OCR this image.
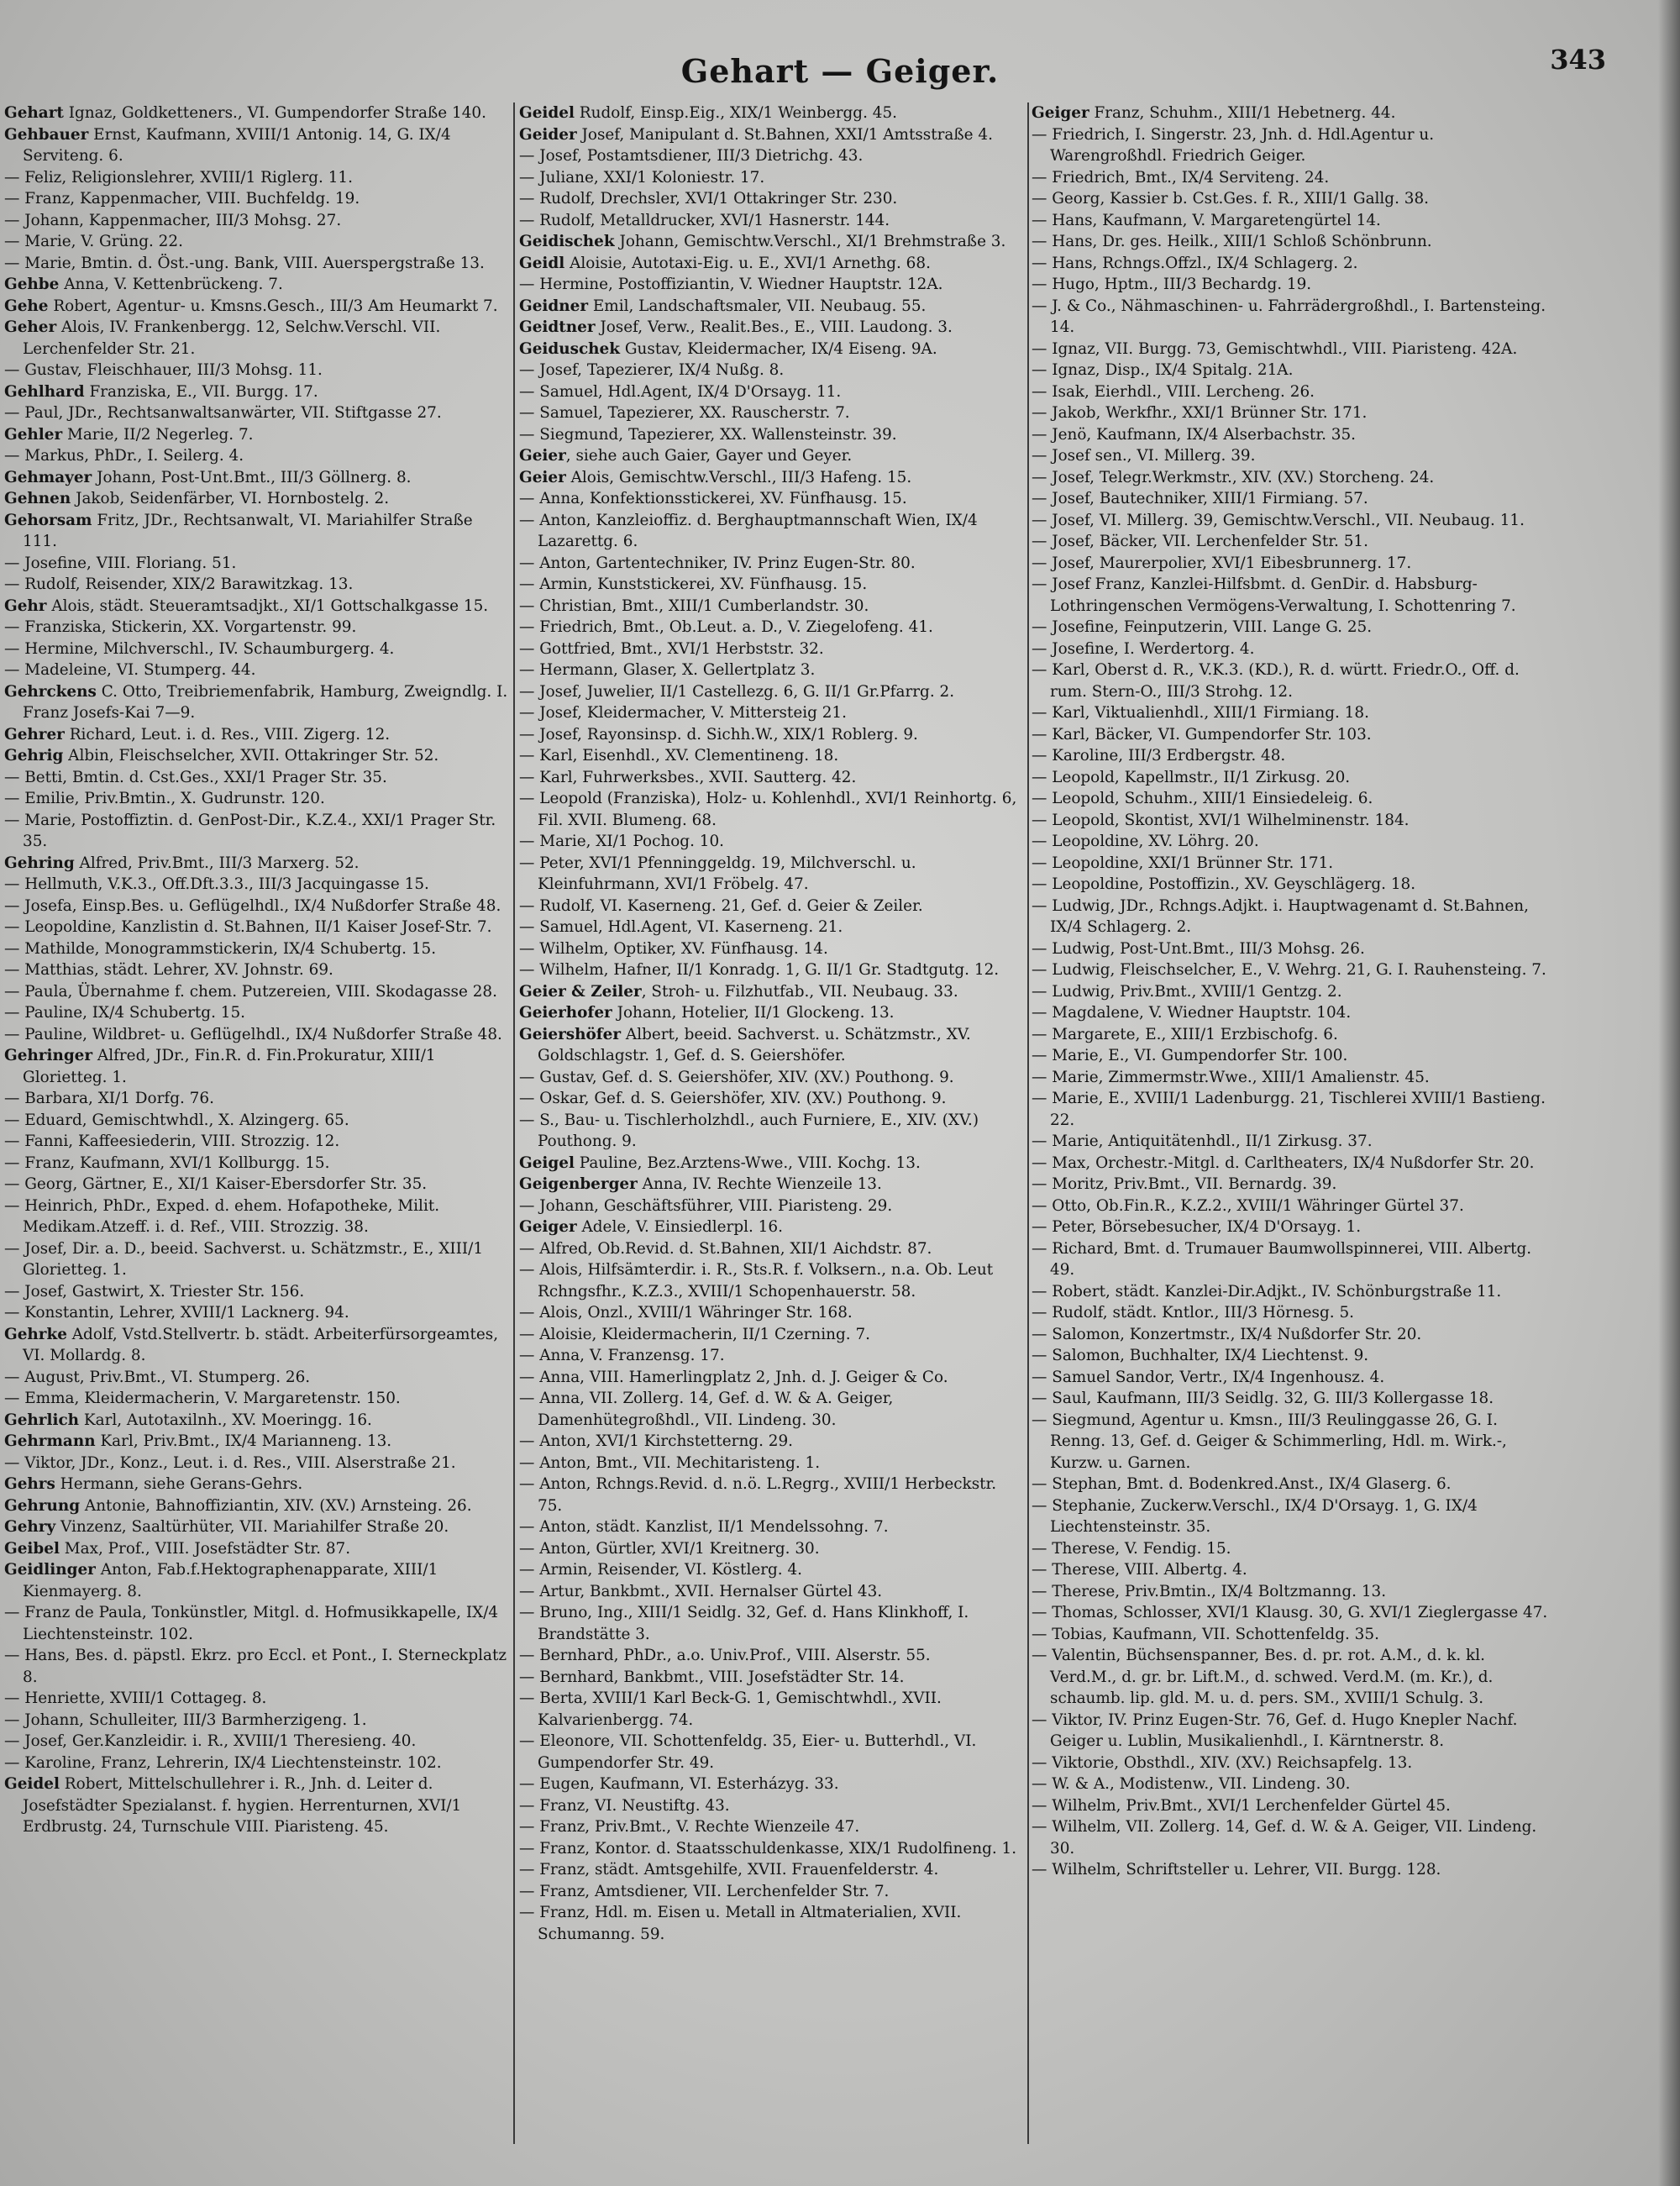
Gehart — Geiger.	343

Gehart Ignaz, Goldketteners., VI. Gumpendorfer Straße 140.

Gehbauer Ernst, Kaufmann, XVIII/1 Antonig. 14, G. IX/4 Serviteng. 6.

— Feliz, Religionslehrer, XVIII/1 Riglerg. 11.

— Franz, Kappenmacher, VIII. Buchfeldg. 19.

— Johann, Kappenmacher, III/3 Mohsg. 27.

— Marie, V. Grüng. 22.

— Marie, Bmtin. d. Öst.-ung. Bank, VIII. Auerspergstraße 13.

Gehbe Anna, V. Kettenbrückeng. 7.

Gehe Robert, Agentur- u. Kmsns.Gesch., III/3 Am Heumarkt 7.

Geher Alois, IV. Frankenbergg. 12, Selchw.Verschl. VII. Lerchenfelder Str. 21.

— Gustav, Fleischhauer, III/3 Mohsg. 11.

Gehlhard Franziska, E., VII. Burgg. 17.

— Paul, JDr., Rechtsanwaltsanwärter, VII. Stiftgasse 27.

Gehler Marie, II/2 Negerleg. 7.

— Markus, PhDr., I. Seilerg. 4.

Gehmayer Johann, Post-Unt.Bmt., III/3 Göllnerg. 8.

Gehnen Jakob, Seidenfärber, VI. Hornbostelg. 2.

Gehorsam Fritz, JDr., Rechtsanwalt, VI. Mariahilfer Straße 111.

— Josefine, VIII. Floriang. 51.

— Rudolf, Reisender, XIX/2 Barawitzkag. 13.

Gehr Alois, städt. Steueramtsadjkt., XI/1 Gottschalkgasse 15.

— Franziska, Stickerin, XX. Vorgartenstr. 99.

— Hermine, Milchverschl., IV. Schaumburgerg. 4.

— Madeleine, VI. Stumperg. 44.

Gehrckens C. Otto, Treibriemenfabrik, Hamburg, Zweigndlg. I. Franz Josefs-Kai 7—9.

Gehrer Richard, Leut. i. d. Res., VIII. Zigerg. 12.

Gehrig Albin, Fleischselcher, XVII. Ottakringer Str. 52.

— Betti, Bmtin. d. Cst.Ges., XXI/1 Prager Str. 35.

— Emilie, Priv.Bmtin., X. Gudrunstr. 120.

— Marie, Postoffiztin. d. GenPost-Dir., K.Z.4., XXI/1 Prager Str. 35.

Gehring Alfred, Priv.Bmt., III/3 Marxerg. 52.

— Hellmuth, V.K.3., Off.Dft.3.3., III/3 Jacquingasse 15.

— Josefa, Einsp.Bes. u. Geflügelhdl., IX/4 Nußdorfer Straße 48.

— Leopoldine, Kanzlistin d. St.Bahnen, II/1 Kaiser Josef-Str. 7.

— Mathilde, Monogrammstickerin, IX/4 Schubertg. 15.

— Matthias, städt. Lehrer, XV. Johnstr. 69.

— Paula, Übernahme f. chem. Putzereien, VIII. Skodagasse 28.

— Pauline, IX/4 Schubertg. 15.

— Pauline, Wildbret- u. Geflügelhdl., IX/4 Nußdorfer Straße 48.

Gehringer Alfred, JDr., Fin.R. d. Fin.Prokuratur, XIII/1 Glorietteg. 1.

— Barbara, XI/1 Dorfg. 76.

— Eduard, Gemischtwhdl., X. Alzingerg. 65.

— Fanni, Kaffeesiederin, VIII. Strozzig. 12.

— Franz, Kaufmann, XVI/1 Kollburgg. 15.

— Georg, Gärtner, E., XI/1 Kaiser-Ebersdorfer Str. 35.

— Heinrich, PhDr., Exped. d. ehem. Hofapotheke, Milit. Medikam.Atzeff. i. d. Ref., VIII. Strozzig. 38.

— Josef, Dir. a. D., beeid. Sachverst. u. Schätzmstr., E., XIII/1 Glorietteg. 1.

— Josef, Gastwirt, X. Triester Str. 156.

— Konstantin, Lehrer, XVIII/1 Lacknerg. 94.

Gehrke Adolf, Vstd.Stellvertr. b. städt. Arbeiterfürsorgeamtes, VI. Mollardg. 8.

— August, Priv.Bmt., VI. Stumperg. 26.

— Emma, Kleidermacherin, V. Margaretenstr. 150.

Gehrlich Karl, Autotaxilnh., XV. Moeringg. 16.

Gehrmann Karl, Priv.Bmt., IX/4 Marianneng. 13.

— Viktor, JDr., Konz., Leut. i. d. Res., VIII. Alserstraße 21.

Gehrs Hermann, siehe Gerans-Gehrs.

Gehrung Antonie, Bahnoffiziantin, XIV. (XV.) Arnsteing. 26.

Gehry Vinzenz, Saaltürhüter, VII. Mariahilfer Straße 20.

Geibel Max, Prof., VIII. Josefstädter Str. 87.

Geidlinger Anton, Fab.f.Hektographenapparate, XIII/1 Kienmayerg. 8.

— Franz de Paula, Tonkünstler, Mitgl. d. Hofmusikkapelle, IX/4 Liechtensteinstr. 102.

— Hans, Bes. d. päpstl. Ekrz. pro Eccl. et Pont., I. Sterneckplatz 8.

— Henriette, XVIII/1 Cottageg. 8.

— Johann, Schulleiter, III/3 Barmherzigeng. 1.

— Josef, Ger.Kanzleidir. i. R., XVIII/1 Theresieng. 40.

— Karoline, Franz, Lehrerin, IX/4 Liechtensteinstr. 102.

Geidel Robert, Mittelschullehrer i. R., Jnh. d. Leiter d. Josefstädter Spezialanst. f. hygien. Herrenturnen, XVI/1 Erdbrustg. 24, Turnschule VIII. Piaristeng. 45.

Geidel Rudolf, Einsp.Eig., XIX/1 Weinbergg. 45.

Geider Josef, Manipulant d. St.Bahnen, XXI/1 Amtsstraße 4.

— Josef, Postamtsdiener, III/3 Dietrichg. 43.

— Juliane, XXI/1 Koloniestr. 17.

— Rudolf, Drechsler, XVI/1 Ottakringer Str. 230.

— Rudolf, Metalldrucker, XVI/1 Hasnerstr. 144.

Geidischek Johann, Gemischtw.Verschl., XI/1 Brehmstraße 3.

Geidl Aloisie, Autotaxi-Eig. u. E., XVI/1 Arnethg. 68.

— Hermine, Postoffiziantin, V. Wiedner Hauptstr. 12A.

Geidner Emil, Landschaftsmaler, VII. Neubaug. 55.

Geidtner Josef, Verw., Realit.Bes., E., VIII. Laudong. 3.

Geiduschek Gustav, Kleidermacher, IX/4 Eiseng. 9A.

— Josef, Tapezierer, IX/4 Nußg. 8.

— Samuel, Hdl.Agent, IX/4 D'Orsayg. 11.

— Samuel, Tapezierer, XX. Rauscherstr. 7.

— Siegmund, Tapezierer, XX. Wallensteinstr. 39.

Geier, siehe auch Gaier, Gayer und Geyer.

Geier Alois, Gemischtw.Verschl., III/3 Hafeng. 15.

— Anna, Konfektionsstickerei, XV. Fünfhausg. 15.

— Anton, Kanzleioffiz. d. Berghauptmannschaft Wien, IX/4 Lazarettg. 6.

— Anton, Gartentechniker, IV. Prinz Eugen-Str. 80.

— Armin, Kunststickerei, XV. Fünfhausg. 15.

— Christian, Bmt., XIII/1 Cumberlandstr. 30.

— Friedrich, Bmt., Ob.Leut. a. D., V. Ziegelofeng. 41.

— Gottfried, Bmt., XVI/1 Herbststr. 32.

— Hermann, Glaser, X. Gellertplatz 3.

— Josef, Juwelier, II/1 Castellezg. 6, G. II/1 Gr.Pfarrg. 2.

— Josef, Kleidermacher, V. Mittersteig 21.

— Josef, Rayonsinsp. d. Sichh.W., XIX/1 Roblerg. 9.

— Karl, Eisenhdl., XV. Clementineng. 18.

— Karl, Fuhrwerksbes., XVII. Sautterg. 42.

— Leopold (Franziska), Holz- u. Kohlenhdl., XVI/1 Reinhortg. 6, Fil. XVII. Blumeng. 68.

— Marie, XI/1 Pochog. 10.

— Peter, XVI/1 Pfenninggeldg. 19, Milchverschl. u. Kleinfuhrmann, XVI/1 Fröbelg. 47.

— Rudolf, VI. Kaserneng. 21, Gef. d. Geier & Zeiler.

— Samuel, Hdl.Agent, VI. Kaserneng. 21.

— Wilhelm, Optiker, XV. Fünfhausg. 14.

— Wilhelm, Hafner, II/1 Konradg. 1, G. II/1 Gr. Stadtgutg. 12.

Geier & Zeiler, Stroh- u. Filzhutfab., VII. Neubaug. 33.

Geierhofer Johann, Hotelier, II/1 Glockeng. 13.

Geiershöfer Albert, beeid. Sachverst. u. Schätzmstr., XV. Goldschlagstr. 1, Gef. d. S. Geiershöfer.

— Gustav, Gef. d. S. Geiershöfer, XIV. (XV.) Pouthong. 9.

— Oskar, Gef. d. S. Geiershöfer, XIV. (XV.) Pouthong. 9.

— S., Bau- u. Tischlerholzhdl., auch Furniere, E., XIV. (XV.) Pouthong. 9.

Geigel Pauline, Bez.Arztens-Wwe., VIII. Kochg. 13.

Geigenberger Anna, IV. Rechte Wienzeile 13.

— Johann, Geschäftsführer, VIII. Piaristeng. 29.

Geiger Adele, V. Einsiedlerpl. 16.

— Alfred, Ob.Revid. d. St.Bahnen, XII/1 Aichdstr. 87.

— Alois, Hilfsämterdir. i. R., Sts.R. f. Volksern., n.a. Ob. Leut Rchngsfhr., K.Z.3., XVIII/1 Schopenhauerstr. 58.

— Alois, Onzl., XVIII/1 Währinger Str. 168.

— Aloisie, Kleidermacherin, II/1 Czerning. 7.

— Anna, V. Franzensg. 17.

— Anna, VIII. Hamerlingplatz 2, Jnh. d. J. Geiger & Co.

— Anna, VII. Zollerg. 14, Gef. d. W. & A. Geiger, Damenhütegroßhdl., VII. Lindeng. 30.

— Anton, XVI/1 Kirchstetterng. 29.

— Anton, Bmt., VII. Mechitaristeng. 1.

— Anton, Rchngs.Revid. d. n.ö. L.Regrg., XVIII/1 Herbeckstr. 75.

— Anton, städt. Kanzlist, II/1 Mendelssohng. 7.

— Anton, Gürtler, XVI/1 Kreitnerg. 30.

— Armin, Reisender, VI. Köstlerg. 4.

— Artur, Bankbmt., XVII. Hernalser Gürtel 43.

— Bruno, Ing., XIII/1 Seidlg. 32, Gef. d. Hans Klinkhoff, I. Brandstätte 3.

— Bernhard, PhDr., a.o. Univ.Prof., VIII. Alserstr. 55.

— Bernhard, Bankbmt., VIII. Josefstädter Str. 14.

— Berta, XVIII/1 Karl Beck-G. 1, Gemischtwhdl., XVII. Kalvarienbergg. 74.

— Eleonore, VII. Schottenfeldg. 35, Eier- u. Butterhdl., VI. Gumpendorfer Str. 49.

— Eugen, Kaufmann, VI. Esterházyg. 33.

— Franz, VI. Neustiftg. 43.

— Franz, Priv.Bmt., V. Rechte Wienzeile 47.

— Franz, Kontor. d. Staatsschuldenkasse, XIX/1 Rudolfineng. 1.

— Franz, städt. Amtsgehilfe, XVII. Frauenfelderstr. 4.

— Franz, Amtsdiener, VII. Lerchenfelder Str. 7.

— Franz, Hdl. m. Eisen u. Metall in Altmaterialien, XVII. Schumanng. 59.

Geiger Franz, Schuhm., XIII/1 Hebetnerg. 44.

— Friedrich, I. Singerstr. 23, Jnh. d. Hdl.Agentur u. Warengroßhdl. Friedrich Geiger.

— Friedrich, Bmt., IX/4 Serviteng. 24.

— Georg, Kassier b. Cst.Ges. f. R., XIII/1 Gallg. 38.

— Hans, Kaufmann, V. Margaretengürtel 14.

— Hans, Dr. ges. Heilk., XIII/1 Schloß Schönbrunn.

— Hans, Rchngs.Offzl., IX/4 Schlagerg. 2.

— Hugo, Hptm., III/3 Bechardg. 19.

— J. & Co., Nähmaschinen- u. Fahrrädergroßhdl., I. Bartensteing. 14.

— Ignaz, VII. Burgg. 73, Gemischtwhdl., VIII. Piaristeng. 42A.

— Ignaz, Disp., IX/4 Spitalg. 21A.

— Isak, Eierhdl., VIII. Lercheng. 26.

— Jakob, Werkfhr., XXI/1 Brünner Str. 171.

— Jenö, Kaufmann, IX/4 Alserbachstr. 35.

— Josef sen., VI. Millerg. 39.

— Josef, Telegr.Werkmstr., XIV. (XV.) Storcheng. 24.

— Josef, Bautechniker, XIII/1 Firmiang. 57.

— Josef, VI. Millerg. 39, Gemischtw.Verschl., VII. Neubaug. 11.

— Josef, Bäcker, VII. Lerchenfelder Str. 51.

— Josef, Maurerpolier, XVI/1 Eibesbrunnerg. 17.

— Josef Franz, Kanzlei-Hilfsbmt. d. GenDir. d. Habsburg-Lothringenschen Vermögens-Verwaltung, I. Schottenring 7.

— Josefine, Feinputzerin, VIII. Lange G. 25.

— Josefine, I. Werdertorg. 4.

— Karl, Oberst d. R., V.K.3. (KD.), R. d. württ. Friedr.O., Off. d. rum. Stern-O., III/3 Strohg. 12.

— Karl, Viktualienhdl., XIII/1 Firmiang. 18.

— Karl, Bäcker, VI. Gumpendorfer Str. 103.

— Karoline, III/3 Erdbergstr. 48.

— Leopold, Kapellmstr., II/1 Zirkusg. 20.

— Leopold, Schuhm., XIII/1 Einsiedeleig. 6.

— Leopold, Skontist, XVI/1 Wilhelminenstr. 184.

— Leopoldine, XV. Löhrg. 20.

— Leopoldine, XXI/1 Brünner Str. 171.

— Leopoldine, Postoffizin., XV. Geyschlägerg. 18.

— Ludwig, JDr., Rchngs.Adjkt. i. Hauptwagenamt d. St.Bahnen, IX/4 Schlagerg. 2.

— Ludwig, Post-Unt.Bmt., III/3 Mohsg. 26.

— Ludwig, Fleischselcher, E., V. Wehrg. 21, G. I. Rauhensteing. 7.

— Ludwig, Priv.Bmt., XVIII/1 Gentzg. 2.

— Magdalene, V. Wiedner Hauptstr. 104.

— Margarete, E., XIII/1 Erzbischofg. 6.

— Marie, E., VI. Gumpendorfer Str. 100.

— Marie, Zimmermstr.Wwe., XIII/1 Amalienstr. 45.

— Marie, E., XVIII/1 Ladenburgg. 21, Tischlerei XVIII/1 Bastieng. 22.

— Marie, Antiquitätenhdl., II/1 Zirkusg. 37.

— Max, Orchestr.-Mitgl. d. Carltheaters, IX/4 Nußdorfer Str. 20.

— Moritz, Priv.Bmt., VII. Bernardg. 39.

— Otto, Ob.Fin.R., K.Z.2., XVIII/1 Währinger Gürtel 37.

— Peter, Börsebesucher, IX/4 D'Orsayg. 1.

— Richard, Bmt. d. Trumauer Baumwollspinnerei, VIII. Albertg. 49.

— Robert, städt. Kanzlei-Dir.Adjkt., IV. Schönburgstraße 11.

— Rudolf, städt. Kntlor., III/3 Hörnesg. 5.

— Salomon, Konzertmstr., IX/4 Nußdorfer Str. 20.

— Salomon, Buchhalter, IX/4 Liechtenst. 9.

— Samuel Sandor, Vertr., IX/4 Ingenhousz. 4.

— Saul, Kaufmann, III/3 Seidlg. 32, G. III/3 Kollergasse 18.

— Siegmund, Agentur u. Kmsn., III/3 Reulinggasse 26, G. I. Renng. 13, Gef. d. Geiger & Schimmerling, Hdl. m. Wirk.-, Kurzw. u. Garnen.

— Stephan, Bmt. d. Bodenkred.Anst., IX/4 Glaserg. 6.

— Stephanie, Zuckerw.Verschl., IX/4 D'Orsayg. 1, G. IX/4 Liechtensteinstr. 35.

— Therese, V. Fendig. 15.

— Therese, VIII. Albertg. 4.

— Therese, Priv.Bmtin., IX/4 Boltzmanng. 13.

— Thomas, Schlosser, XVI/1 Klausg. 30, G. XVI/1 Zieglergasse 47.

— Tobias, Kaufmann, VII. Schottenfeldg. 35.

— Valentin, Büchsenspanner, Bes. d. pr. rot. A.M., d. k. kl. Verd.M., d. gr. br. Lift.M., d. schwed. Verd.M. (m. Kr.), d. schaumb. lip. gld. M. u. d. pers. SM., XVIII/1 Schulg. 3.

— Viktor, IV. Prinz Eugen-Str. 76, Gef. d. Hugo Knepler Nachf. Geiger u. Lublin, Musikalienhdl., I. Kärntnerstr. 8.

— Viktorie, Obsthdl., XIV. (XV.) Reichsapfelg. 13.

— W. & A., Modistenw., VII. Lindeng. 30.

— Wilhelm, Priv.Bmt., XVI/1 Lerchenfelder Gürtel 45.

— Wilhelm, VII. Zollerg. 14, Gef. d. W. & A. Geiger, VII. Lindeng. 30.

— Wilhelm, Schriftsteller u. Lehrer, VII. Burgg. 128.
